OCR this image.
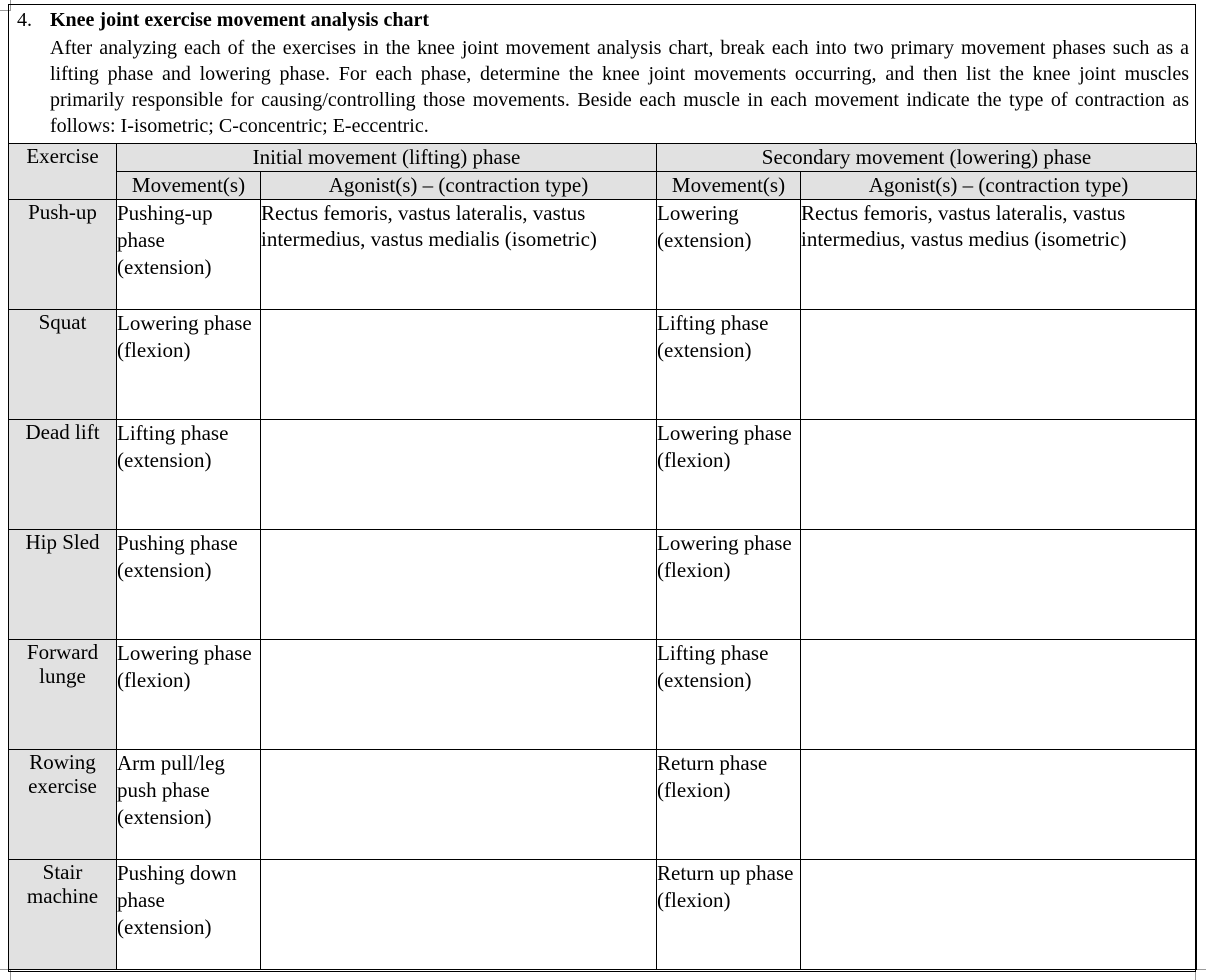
4. Knee joint exercise movement analysis chart
After analyzing each of the exercises in the knee joint movement analysis chart, break each into two primary movement phases such as a lifting phase and lowering phase. For each phase, determine the knee joint movements occurring, and then list the knee joint muscles primarily responsible for causing/controlling those movements. Beside each muscle in each movement indicate the type of contraction as follows: I-isometric; C-concentric; E-eccentric.
Exercise	Initial movement (lifting) phase		Secondary movement (lowering) phase	
	Movement(s)	Agonist(s) – (contraction type)	Movement(s)	Agonist(s) – (contraction type)
Push-up	Pushing-up phase (extension)	Rectus femoris, vastus lateralis, vastus intermedius, vastus medialis (isometric)	Lowering (extension)	Rectus femoris, vastus lateralis, vastus intermedius, vastus medius (isometric)
Squat	Lowering phase (flexion)		Lifting phase (extension)	
Dead lift	Lifting phase (extension)		Lowering phase (flexion)	
Hip Sled	Pushing phase (extension)		Lowering phase (flexion)	
Forward lunge	Lowering phase (flexion)		Lifting phase (extension)	
Rowing exercise	Arm pull/leg push phase (extension)		Return phase (flexion)	
Stair machine	Pushing down phase (extension)		Return up phase (flexion)	
